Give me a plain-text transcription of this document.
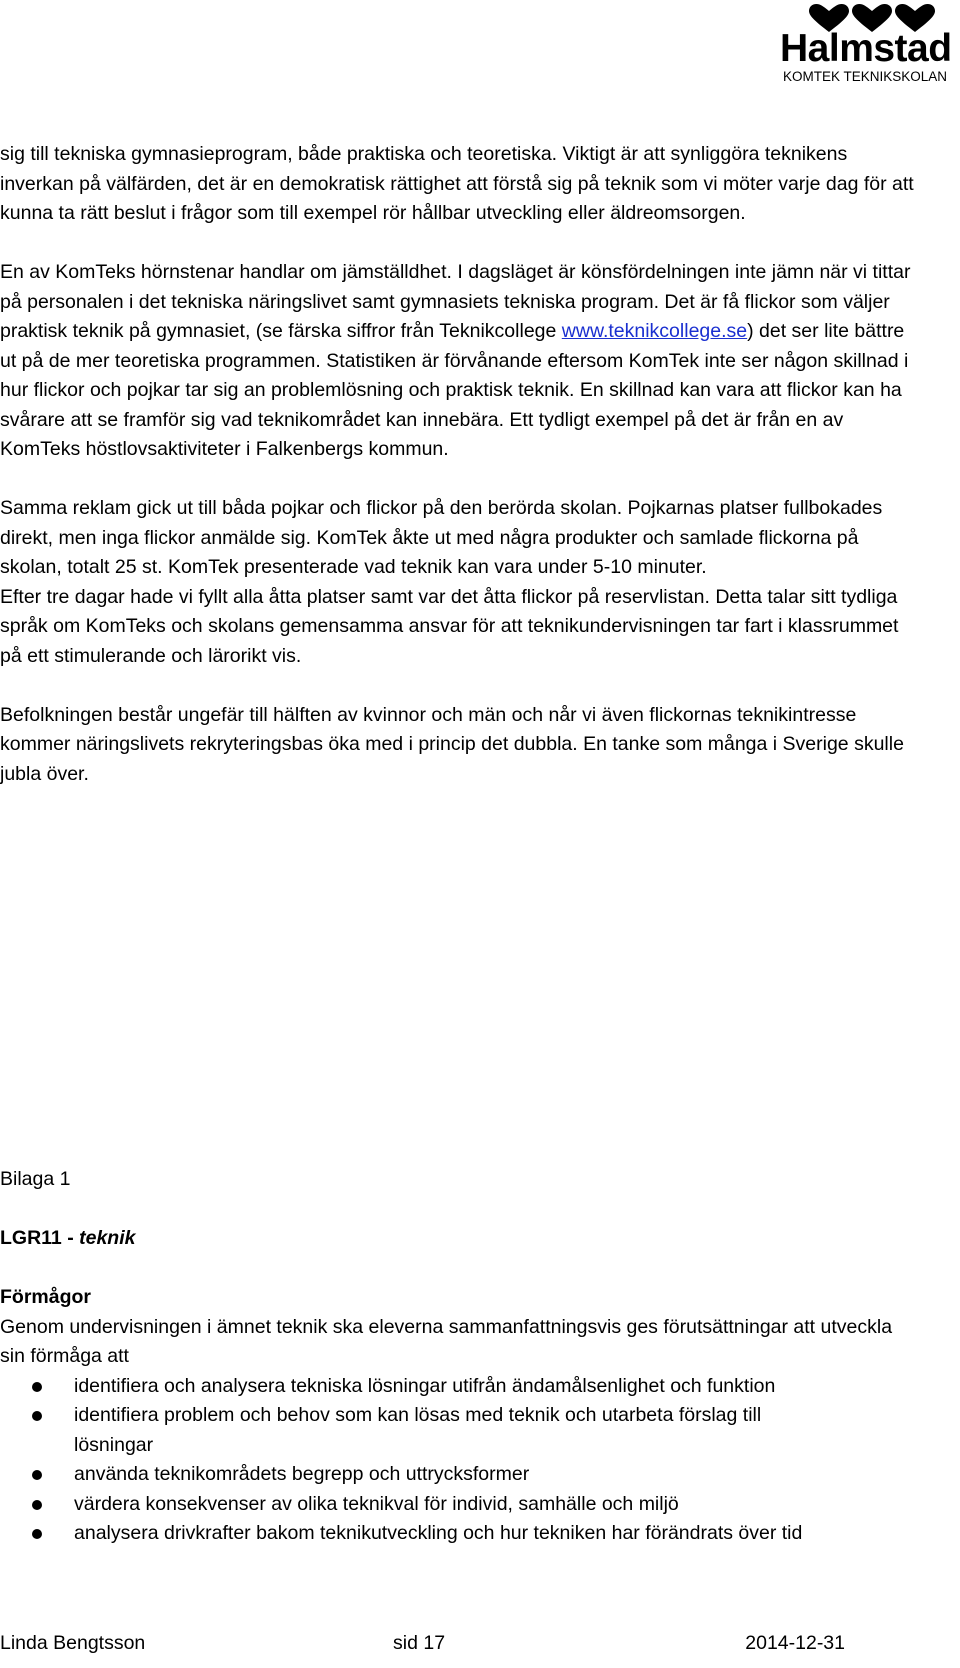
Halmstad
KOMTEK TEKNIKSKOLAN

sig till tekniska gymnasieprogram, både praktiska och teoretiska. Viktigt är att synliggöra teknikens inverkan på välfärden, det är en demokratisk rättighet att förstå sig på teknik som vi möter varje dag för att kunna ta rätt beslut i frågor som till exempel rör hållbar utveckling eller äldreomsorgen.

En av KomTeks hörnstenar handlar om jämställdhet. I dagsläget är könsfördelningen inte jämn när vi tittar på personalen i det tekniska näringslivet samt gymnasiets tekniska program. Det är få flickor som väljer praktisk teknik på gymnasiet, (se färska siffror från Teknikcollege www.teknikcollege.se) det ser lite bättre ut på de mer teoretiska programmen. Statistiken är förvånande eftersom KomTek inte ser någon skillnad i hur flickor och pojkar tar sig an problemlösning och praktisk teknik. En skillnad kan vara att flickor kan ha svårare att se framför sig vad teknikområdet kan innebära. Ett tydligt exempel på det är från en av KomTeks höstlovsaktiviteter i Falkenbergs kommun.

Samma reklam gick ut till båda pojkar och flickor på den berörda skolan. Pojkarnas platser fullbokades direkt, men inga flickor anmälde sig. KomTek åkte ut med några produkter och samlade flickorna på skolan, totalt 25 st. KomTek presenterade vad teknik kan vara under 5-10 minuter.

Efter tre dagar hade vi fyllt alla åtta platser samt var det åtta flickor på reservlistan. Detta talar sitt tydliga språk om KomTeks och skolans gemensamma ansvar för att teknikundervisningen tar fart i klassrummet på ett stimulerande och lärorikt vis.

Befolkningen består ungefär till hälften av kvinnor och män och når vi även flickornas teknikintresse kommer näringslivets rekryteringsbas öka med i princip det dubbla. En tanke som många i Sverige skulle jubla över.

Bilaga 1

LGR11 - teknik

Förmågor

Genom undervisningen i ämnet teknik ska eleverna sammanfattningsvis ges förutsättningar att utveckla sin förmåga att

identifiera och analysera tekniska lösningar utifrån ändamålsenlighet och funktion
identifiera problem och behov som kan lösas med teknik och utarbeta förslag till lösningar
använda teknikområdets begrepp och uttrycksformer
värdera konsekvenser av olika teknikval för individ, samhälle och miljö
analysera drivkrafter bakom teknikutveckling och hur tekniken har förändrats över tid
Linda Bengtsson	sid 17	2014-12-31
